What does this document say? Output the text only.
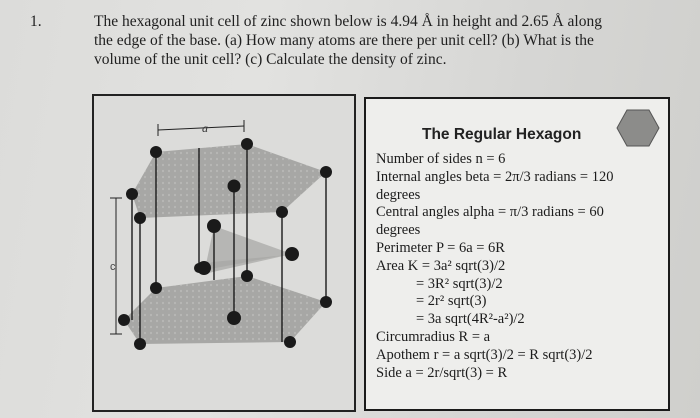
1.	The hexagonal unit cell of zinc shown below is 4.94 Å in height and 2.65 Å along
the edge of the base. (a) How many atoms are there per unit cell? (b) What is the
volume of the unit cell? (c) Calculate the density of zinc.
a
c
The Regular Hexagon
Number of sides n = 6
Internal angles beta = 2π/3 radians = 120
degrees
Central angles alpha = π/3 radians = 60
degrees
Perimeter P = 6a = 6R
Area K = 3a² sqrt(3)/2
= 3R² sqrt(3)/2
= 2r² sqrt(3)
= 3a sqrt(4R²-a²)/2
Circumradius R = a
Apothem r = a sqrt(3)/2 = R sqrt(3)/2
Side a = 2r/sqrt(3) = R
